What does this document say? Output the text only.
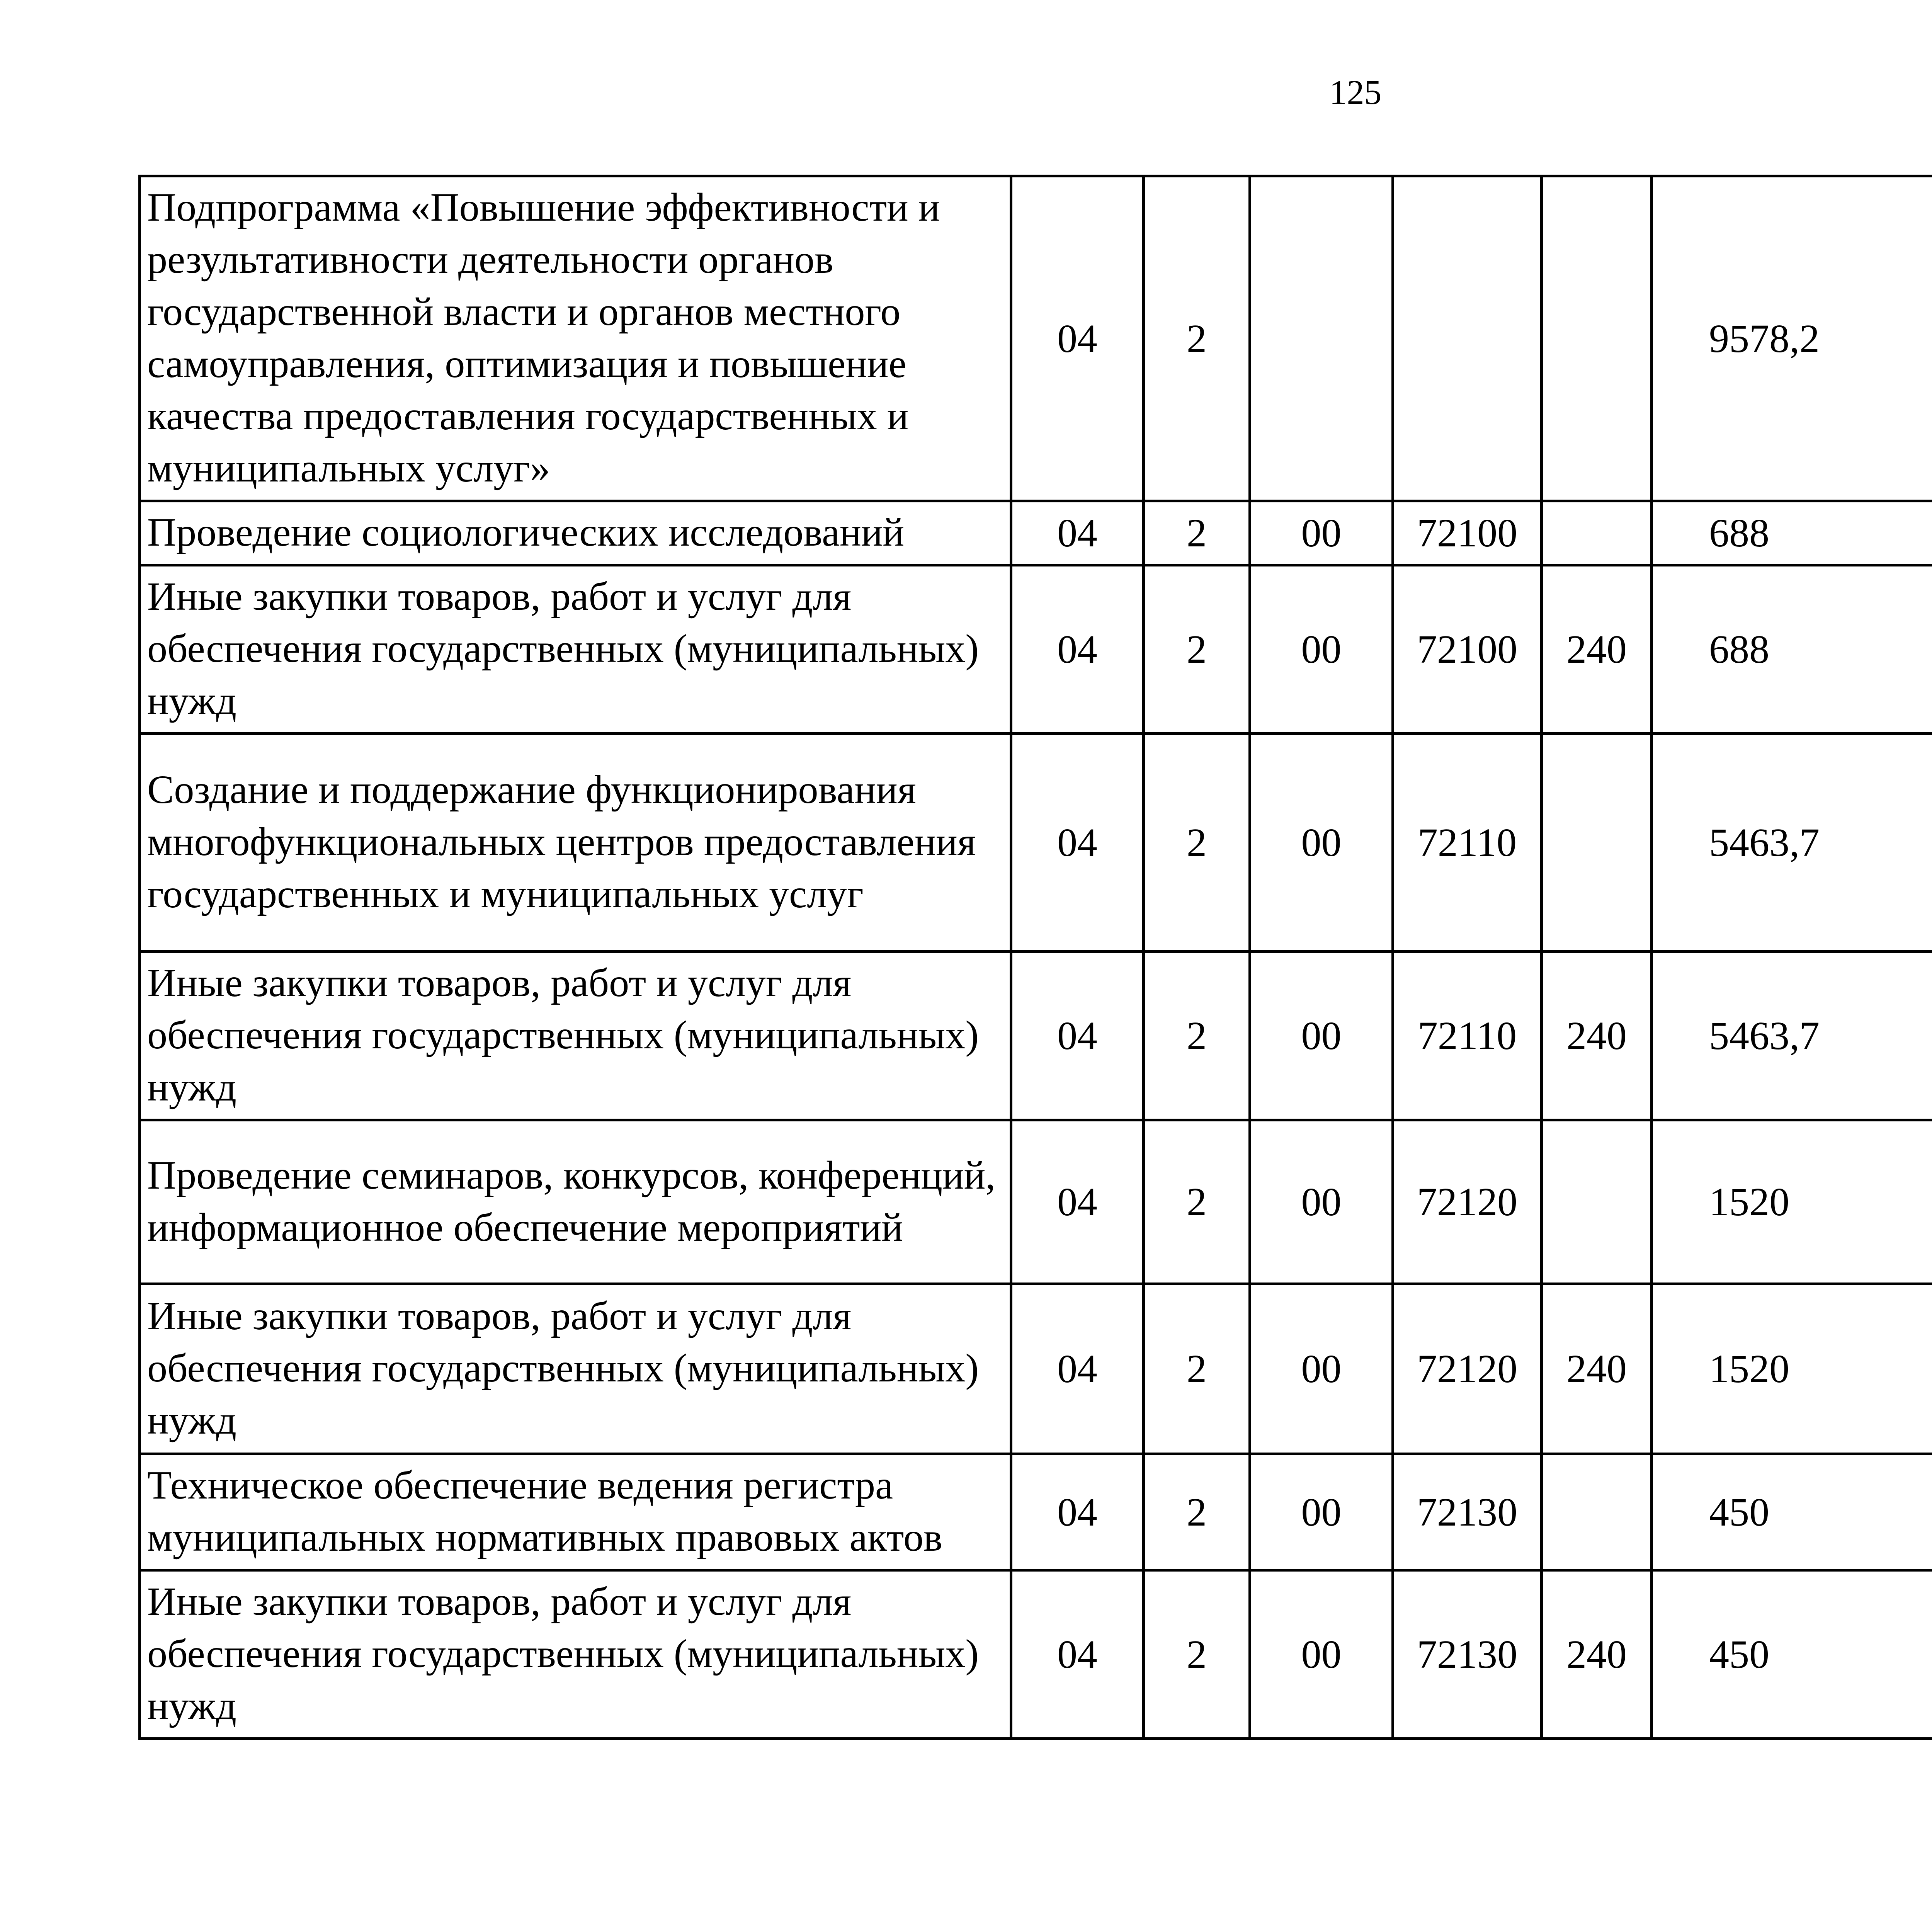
125
Подпрограмма «Повышение эффективности и результативности деятельности органов государственной власти и органов местного самоуправления, оптимизация и повышение качества предоставления государственных и муниципальных услуг»	04	2				9578,2		
Проведение социологических исследований	04	2	00	72100		688		
Иные закупки товаров, работ и услуг для обеспечения государственных (муниципальных) нужд	04	2	00	72100	240	688		
Создание и поддержание функционирования многофункциональных центров предоставления государственных и муниципальных услуг	04	2	00	72110		5463,7		
Иные закупки товаров, работ и услуг для обеспечения государственных (муниципальных) нужд	04	2	00	72110	240	5463,7		
Проведение семинаров, конкурсов, конференций, информационное обеспечение мероприятий	04	2	00	72120		1520		
Иные закупки товаров, работ и услуг для обеспечения государственных (муниципальных) нужд	04	2	00	72120	240	1520		
Техническое обеспечение ведения регистра муниципальных нормативных правовых актов	04	2	00	72130		450		
Иные закупки товаров, работ и услуг для обеспечения государственных (муниципальных) нужд	04	2	00	72130	240	450		
